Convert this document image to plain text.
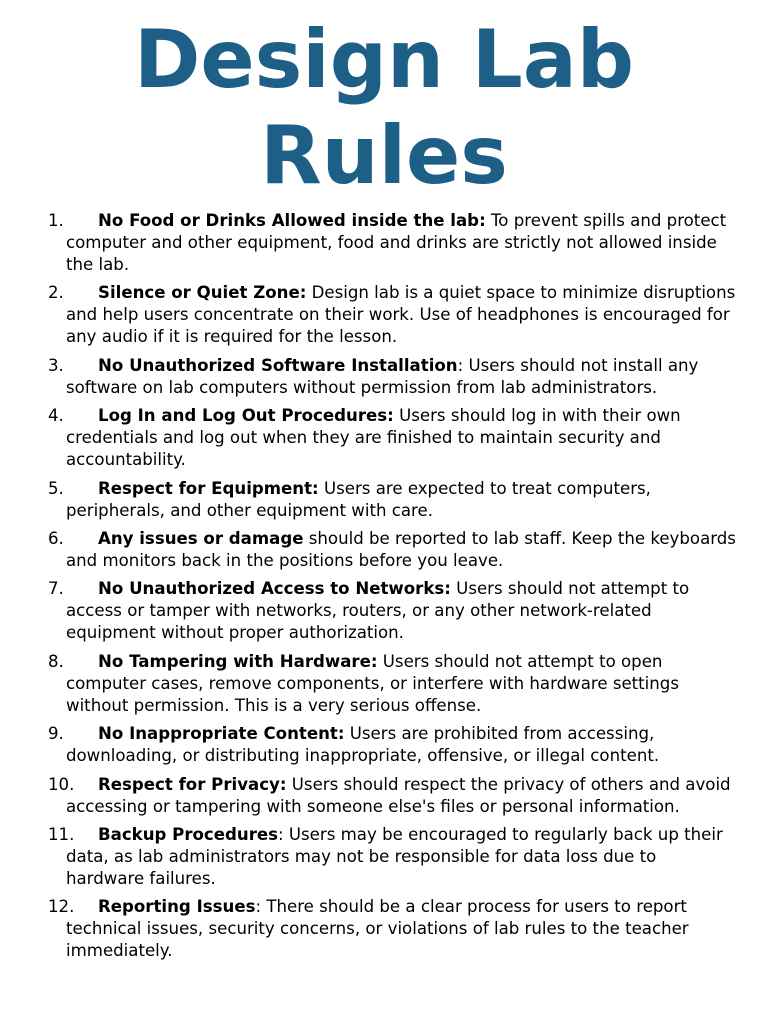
Design Lab
Rules
1. No Food or Drinks Allowed inside the lab: To prevent spills and protect computer and other equipment, food and drinks are strictly not allowed inside the lab.
2. Silence or Quiet Zone: Design lab is a quiet space to minimize disruptions and help users concentrate on their work. Use of headphones is encouraged for any audio if it is required for the lesson.
3. No Unauthorized Software Installation: Users should not install any software on lab computers without permission from lab administrators.
4. Log In and Log Out Procedures: Users should log in with their own credentials and log out when they are finished to maintain security and accountability.
5. Respect for Equipment: Users are expected to treat computers, peripherals, and other equipment with care.
6. Any issues or damage should be reported to lab staff. Keep the keyboards and monitors back in the positions before you leave.
7. No Unauthorized Access to Networks: Users should not attempt to access or tamper with networks, routers, or any other network-related equipment without proper authorization.
8. No Tampering with Hardware: Users should not attempt to open computer cases, remove components, or interfere with hardware settings without permission. This is a very serious offense.
9. No Inappropriate Content: Users are prohibited from accessing, downloading, or distributing inappropriate, offensive, or illegal content.
10. Respect for Privacy: Users should respect the privacy of others and avoid accessing or tampering with someone else's files or personal information.
11. Backup Procedures: Users may be encouraged to regularly back up their data, as lab administrators may not be responsible for data loss due to hardware failures.
12. Reporting Issues: There should be a clear process for users to report technical issues, security concerns, or violations of lab rules to the teacher immediately.
